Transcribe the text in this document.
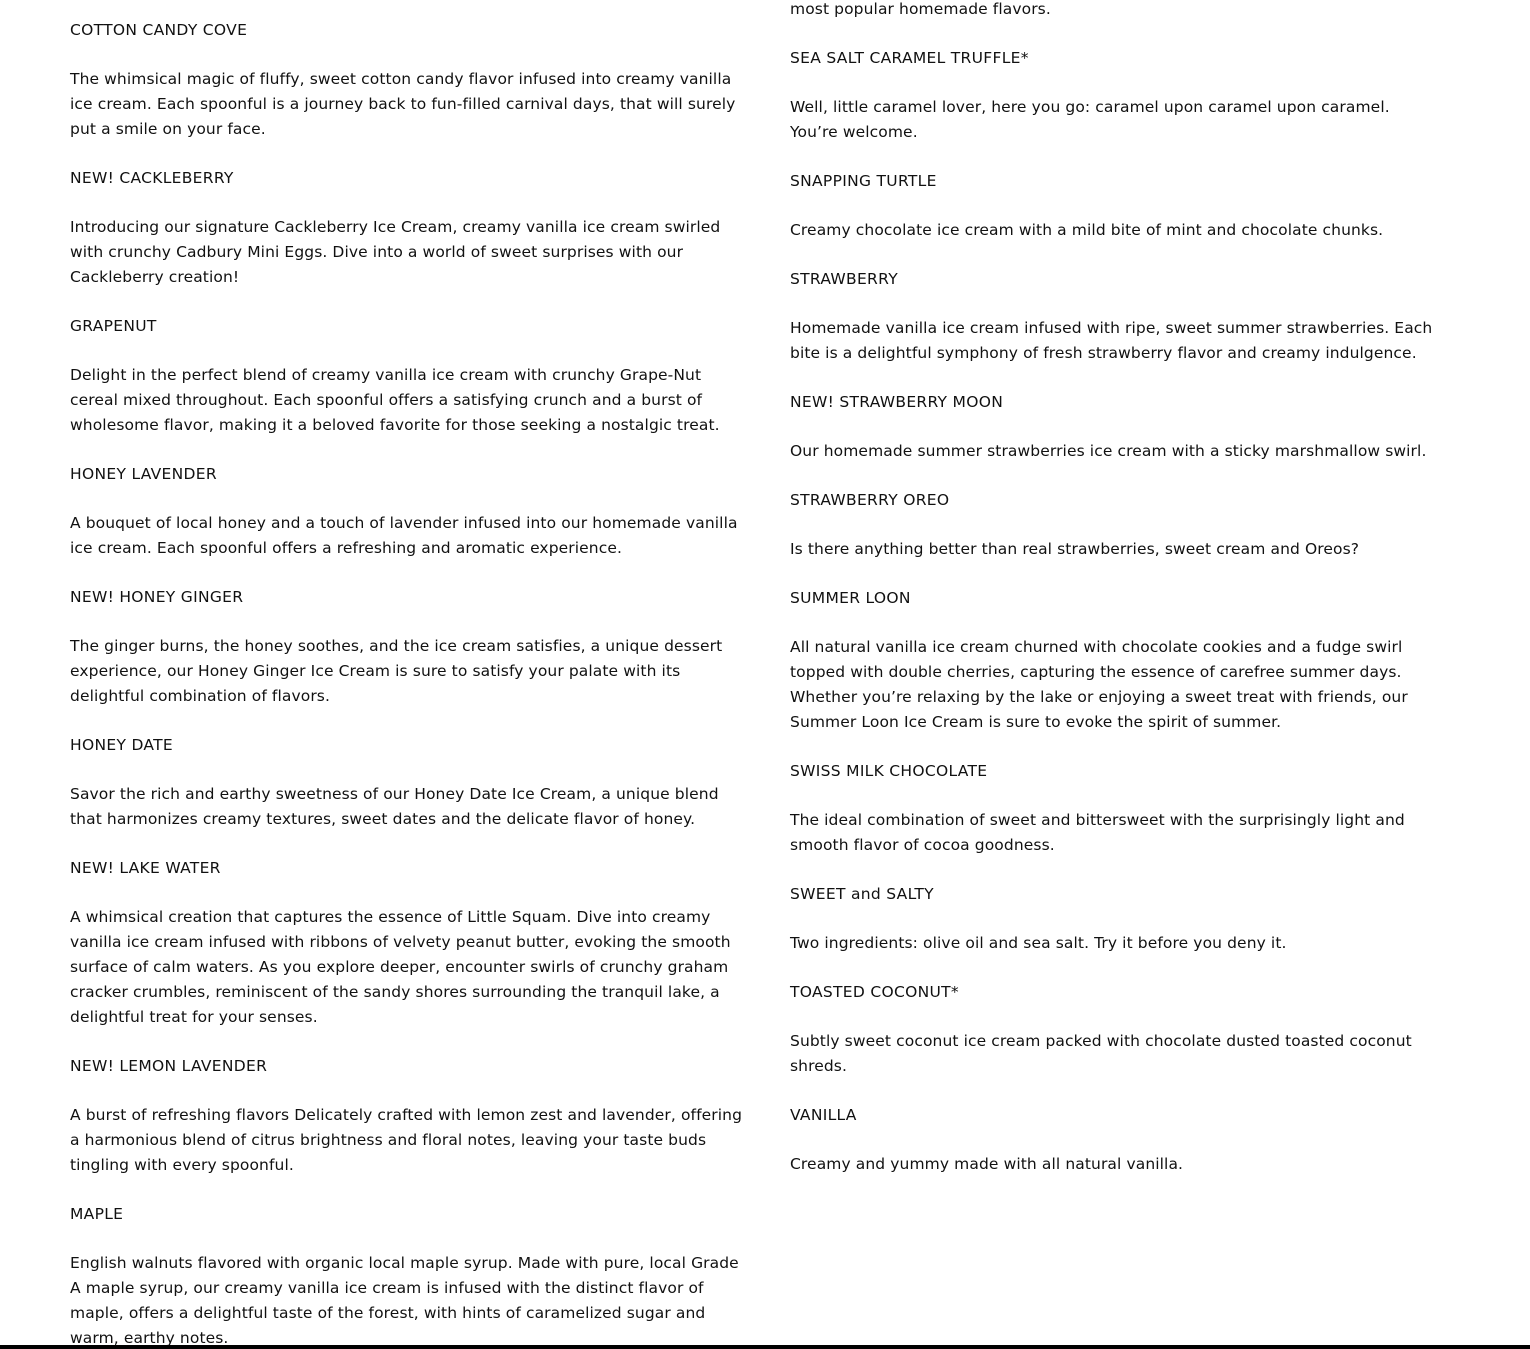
COTTON CANDY COVE

The whimsical magic of fluffy, sweet cotton candy flavor infused into creamy vanilla ice cream. Each spoonful is a journey back to fun-filled carnival days, that will surely put a smile on your face.

NEW! CACKLEBERRY

Introducing our signature Cackleberry Ice Cream, creamy vanilla ice cream swirled with crunchy Cadbury Mini Eggs. Dive into a world of sweet surprises with our Cackleberry creation!

GRAPENUT

Delight in the perfect blend of creamy vanilla ice cream with crunchy Grape-Nut cereal mixed throughout. Each spoonful offers a satisfying crunch and a burst of wholesome flavor, making it a beloved favorite for those seeking a nostalgic treat.

HONEY LAVENDER

A bouquet of local honey and a touch of lavender infused into our homemade vanilla ice cream. Each spoonful offers a refreshing and aromatic experience.

NEW! HONEY GINGER

The ginger burns, the honey soothes, and the ice cream satisfies, a unique dessert experience, our Honey Ginger Ice Cream is sure to satisfy your palate with its delightful combination of flavors.

HONEY DATE

Savor the rich and earthy sweetness of our Honey Date Ice Cream, a unique blend that harmonizes creamy textures, sweet dates and the delicate flavor of honey.

NEW! LAKE WATER

A whimsical creation that captures the essence of Little Squam. Dive into creamy vanilla ice cream infused with ribbons of velvety peanut butter, evoking the smooth surface of calm waters. As you explore deeper, encounter swirls of crunchy graham cracker crumbles, reminiscent of the sandy shores surrounding the tranquil lake, a delightful treat for your senses.

NEW! LEMON LAVENDER

A burst of refreshing flavors Delicately crafted with lemon zest and lavender, offering a harmonious blend of citrus brightness and floral notes, leaving your taste buds tingling with every spoonful.

MAPLE

English walnuts flavored with organic local maple syrup. Made with pure, local Grade A maple syrup, our creamy vanilla ice cream is infused with the distinct flavor of maple, offers a delightful taste of the forest, with hints of caramelized sugar and warm, earthy notes.

most popular homemade flavors.

SEA SALT CARAMEL TRUFFLE*

Well, little caramel lover, here you go: caramel upon caramel upon caramel. You’re welcome.

SNAPPING TURTLE

Creamy chocolate ice cream with a mild bite of mint and chocolate chunks.

STRAWBERRY

Homemade vanilla ice cream infused with ripe, sweet summer strawberries. Each bite is a delightful symphony of fresh strawberry flavor and creamy indulgence.

NEW! STRAWBERRY MOON

Our homemade summer strawberries ice cream with a sticky marshmallow swirl.

STRAWBERRY OREO

Is there anything better than real strawberries, sweet cream and Oreos?

SUMMER LOON

All natural vanilla ice cream churned with chocolate cookies and a fudge swirl topped with double cherries, capturing the essence of carefree summer days. Whether you’re relaxing by the lake or enjoying a sweet treat with friends, our Summer Loon Ice Cream is sure to evoke the spirit of summer.

SWISS MILK CHOCOLATE

The ideal combination of sweet and bittersweet with the surprisingly light and smooth flavor of cocoa goodness.

SWEET and SALTY

Two ingredients: olive oil and sea salt. Try it before you deny it.

TOASTED COCONUT*

Subtly sweet coconut ice cream packed with chocolate dusted toasted coconut shreds.

VANILLA

Creamy and yummy made with all natural vanilla.
